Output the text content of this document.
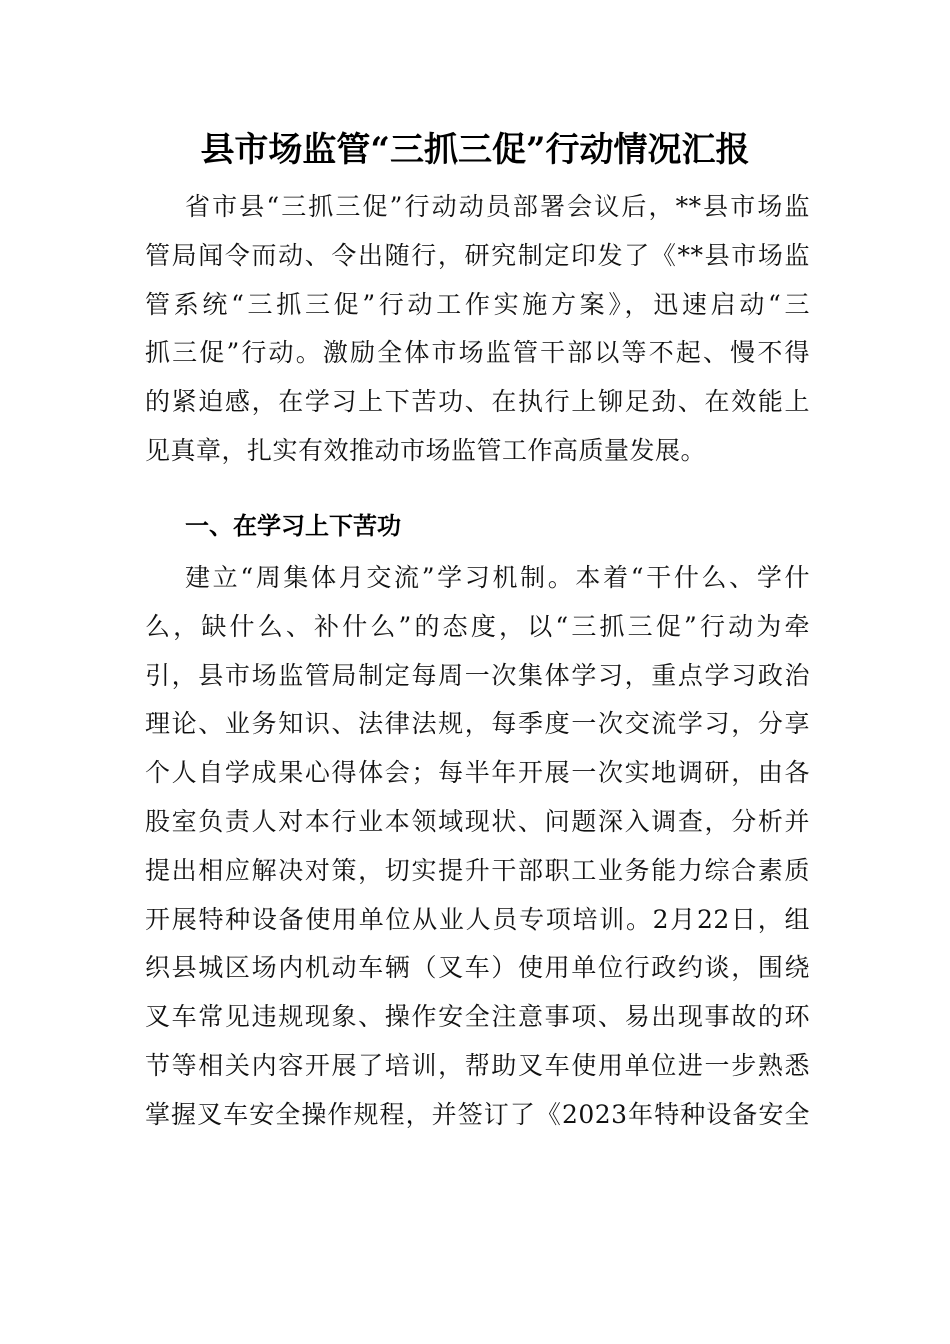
县市场监管“三抓三促”行动情况汇报
省市县“三抓三促”行动动员部署会议后，**县市场监
管局闻令而动、令出随行，研究制定印发了《**县市场监
管系统“三抓三促”行动工作实施方案》，迅速启动“三
抓三促”行动。激励全体市场监管干部以等不起、慢不得
的紧迫感，在学习上下苦功、在执行上铆足劲、在效能上
见真章，扎实有效推动市场监管工作高质量发展。
一、在学习上下苦功
建立“周集体月交流”学习机制。本着“干什么、学什
么，缺什么、补什么”的态度，以“三抓三促”行动为牵
引，县市场监管局制定每周一次集体学习，重点学习政治
理论、业务知识、法律法规，每季度一次交流学习，分享
个人自学成果心得体会；每半年开展一次实地调研，由各
股室负责人对本行业本领域现状、问题深入调查，分析并
提出相应解决对策，切实提升干部职工业务能力综合素质
开展特种设备使用单位从业人员专项培训。2月22日，组
织县城区场内机动车辆（叉车）使用单位行政约谈，围绕
叉车常见违规现象、操作安全注意事项、易出现事故的环
节等相关内容开展了培训，帮助叉车使用单位进一步熟悉
掌握叉车安全操作规程，并签订了《2023年特种设备安全
